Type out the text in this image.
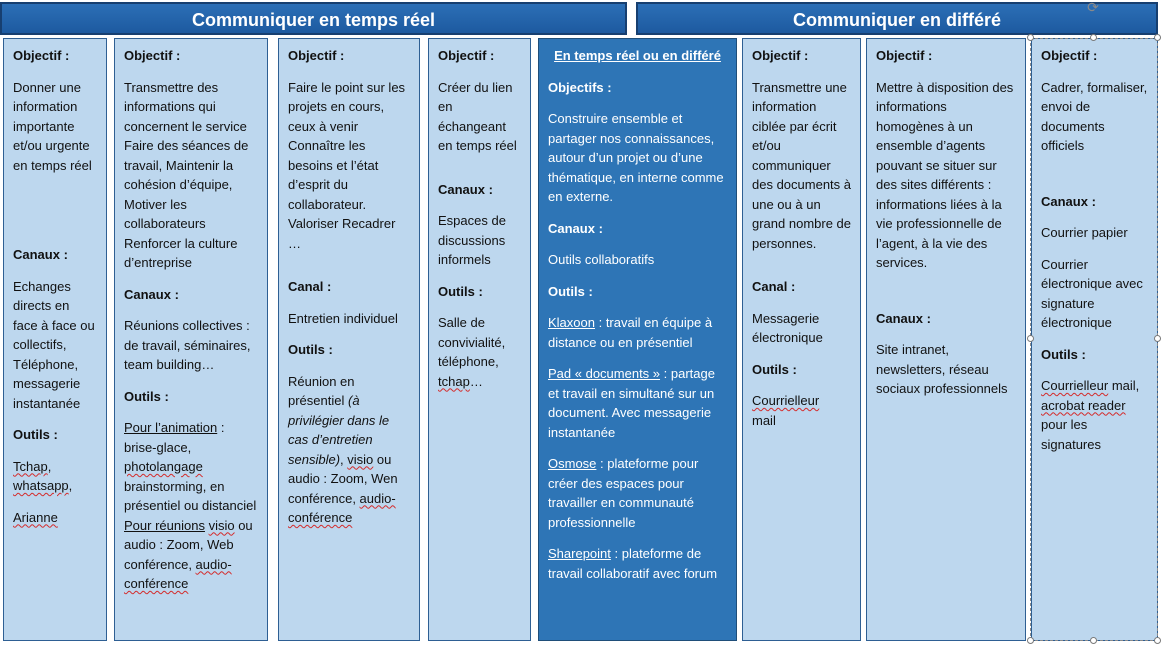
Communiquer en temps réel	Communiquer en différé

Objectif :

Donner une information importante et/ou urgente en temps réel

Canaux :

Echanges directs en face à face ou collectifs, Téléphone, messagerie instantanée

Outils :

Tchap,
whatsapp,

Arianne

Objectif :

Transmettre des informations qui concernent le service Faire des séances de travail, Maintenir la cohésion d’équipe, Motiver les collaborateurs Renforcer la culture d’entreprise

Canaux :

Réunions collectives : de travail, séminaires, team building…

Outils :

Pour l’animation : brise-glace, photolangage brainstorming, en présentiel ou distanciel

Pour réunions visio ou audio : Zoom, Web conférence, audio-conférence

Objectif :

Faire le point sur les projets en cours, ceux à venir Connaître les besoins et l’état d’esprit du collaborateur. Valoriser Recadrer …

Canal :

Entretien individuel

Outils :

Réunion en présentiel (à privilégier dans le cas d’entretien sensible), visio ou audio : Zoom, Wen conférence, audio-conférence

Objectif :

Créer du lien en échangeant en temps réel

Canaux :

Espaces de discussions informels

Outils :

Salle de convivialité, téléphone, tchap…

En temps réel ou en différé

Objectifs :

Construire ensemble et partager nos connaissances, autour d’un projet ou d’une thématique, en interne comme en externe.

Canaux :

Outils collaboratifs

Outils :

Klaxoon : travail en équipe à distance ou en présentiel

Pad « documents » : partage et travail en simultané sur un document. Avec messagerie instantanée

Osmose : plateforme pour créer des espaces pour travailler en communauté professionnelle

Sharepoint : plateforme de travail collaboratif avec forum

Objectif :

Transmettre une information ciblée par écrit et/ou communiquer des documents à une ou à un grand nombre de personnes.

Canal :

Messagerie électronique

Outils :

Courrielleur
mail

Objectif :

Mettre à disposition des informations homogènes à un ensemble d’agents pouvant se situer sur des sites différents : informations liées à la vie professionnelle de l’agent, à la vie des services.

Canaux :

Site intranet, newsletters, réseau sociaux professionnels

Objectif :

Cadrer, formaliser, envoi de documents officiels

Canaux :

Courrier papier

Courrier électronique avec signature électronique

Outils :

Courrielleur mail, acrobat reader pour les signatures

⟳
